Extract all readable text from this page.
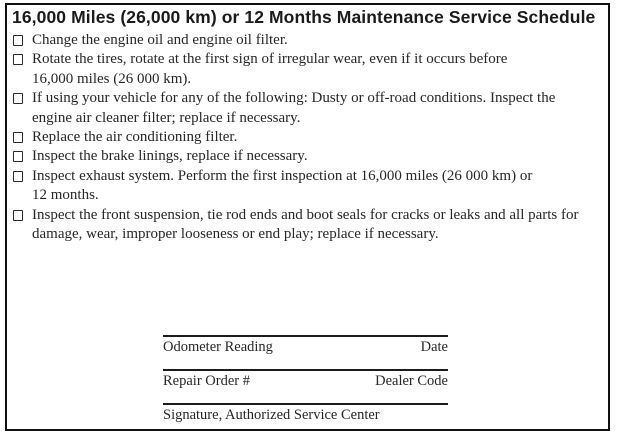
16,000 Miles (26,000 km) or 12 Months Maintenance Service Schedule
Change the engine oil and engine oil filter.
Rotate the tires, rotate at the first sign of irregular wear, even if it occurs before
16,000 miles (26 000 km).
If using your vehicle for any of the following: Dusty or off-road conditions. Inspect the
engine air cleaner filter; replace if necessary.
Replace the air conditioning filter.
Inspect the brake linings, replace if necessary.
Inspect exhaust system. Perform the first inspection at 16,000 miles (26 000 km) or
12 months.
Inspect the front suspension, tie rod ends and boot seals for cracks or leaks and all parts for
damage, wear, improper looseness or end play; replace if necessary.
Odometer Reading	Date
Repair Order #	Dealer Code
Signature, Authorized Service Center
